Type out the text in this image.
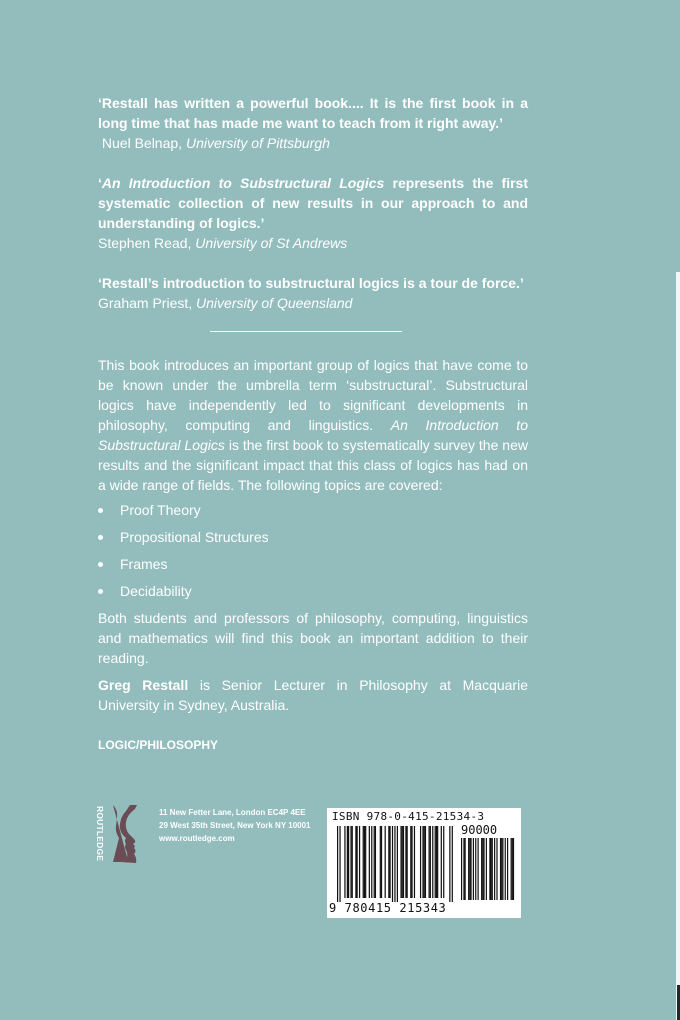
‘Restall has written a powerful book.... It is the first book in a long time that has made me want to teach from it right away.’

Nuel Belnap, University of Pittsburgh

‘An Introduction to Substructural Logics represents the first systematic collection of new results in our approach to and understanding of logics.’

Stephen Read, University of St Andrews

‘Restall’s introduction to substructural logics is a tour de force.’

Graham Priest, University of Queensland

This book introduces an important group of logics that have come to be known under the umbrella term ‘substructural’. Substructural logics have independently led to significant developments in philosophy, computing and linguistics. An Introduction to Substructural Logics is the first book to systematically survey the new results and the significant impact that this class of logics has had on a wide range of fields. The following topics are covered:

Proof Theory
Propositional Structures
Frames
Decidability

Both students and professors of philosophy, computing, linguistics and mathematics will find this book an important addition to their reading.

Greg Restall is Senior Lecturer in Philosophy at Macquarie University in Sydney, Australia.

LOGIC/PHILOSOPHY
ROUTLEDGE	11 New Fetter Lane, London EC4P 4EE
29 West 35th Street, New York NY 10001
www.routledge.com
ISBN 978-0-415-21534-3
90000
9 780415 215343
